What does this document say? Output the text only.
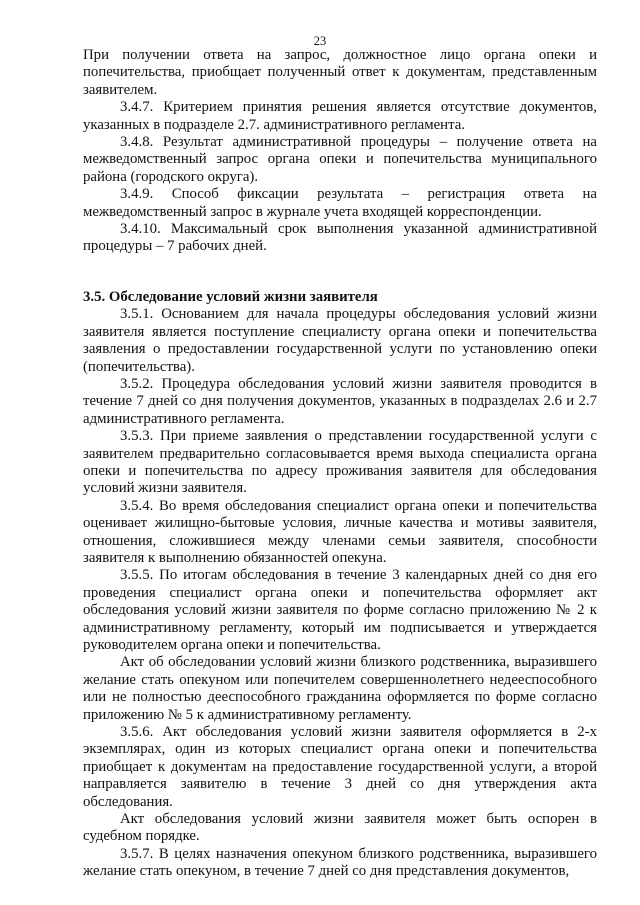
23

При получении ответа на запрос, должностное лицо органа опеки и попечительства, приобщает полученный ответ к документам, представленным заявителем.

3.4.7. Критерием принятия решения является отсутствие документов, указанных в подразделе 2.7. административного регламента.

3.4.8. Результат административной процедуры – получение ответа на межведомственный запрос органа опеки и попечительства муниципального района (городского округа).

3.4.9. Способ фиксации результата – регистрация ответа на межведомственный запрос в журнале учета входящей корреспонденции.

3.4.10. Максимальный срок выполнения указанной административной процедуры – 7 рабочих дней.

3.5. Обследование условий жизни заявителя

3.5.1. Основанием для начала процедуры обследования условий жизни заявителя является поступление специалисту органа опеки и попечительства заявления о предоставлении государственной услуги по установлению опеки (попечительства).

3.5.2. Процедура обследования условий жизни заявителя проводится в течение 7 дней со дня получения документов, указанных в подразделах 2.6 и 2.7 административного регламента.

3.5.3. При приеме заявления о представлении государственной услуги с заявителем предварительно согласовывается время выхода специалиста органа опеки и попечительства по адресу проживания заявителя для обследования условий жизни заявителя.

3.5.4. Во время обследования специалист органа опеки и попечительства оценивает жилищно-бытовые условия, личные качества и мотивы заявителя, отношения, сложившиеся между членами семьи заявителя, способности заявителя к выполнению обязанностей опекуна.

3.5.5. По итогам обследования в течение 3 календарных дней со дня его проведения специалист органа опеки и попечительства оформляет акт обследования условий жизни заявителя по форме согласно приложению № 2 к административному регламенту, который им подписывается и утверждается руководителем органа опеки и попечительства.

Акт об обследовании условий жизни близкого родственника, выразившего желание стать опекуном или попечителем совершеннолетнего недееспособного или не полностью дееспособного гражданина оформляется по форме согласно приложению № 5 к административному регламенту.

3.5.6. Акт обследования условий жизни заявителя оформляется в 2-х экземплярах, один из которых специалист органа опеки и попечительства приобщает к документам на предоставление государственной услуги, а второй направляется заявителю в течение 3 дней со дня утверждения акта обследования.

Акт обследования условий жизни заявителя может быть оспорен в судебном порядке.

3.5.7. В целях назначения опекуном близкого родственника, выразившего желание стать опекуном, в течение 7 дней со дня представления документов,
